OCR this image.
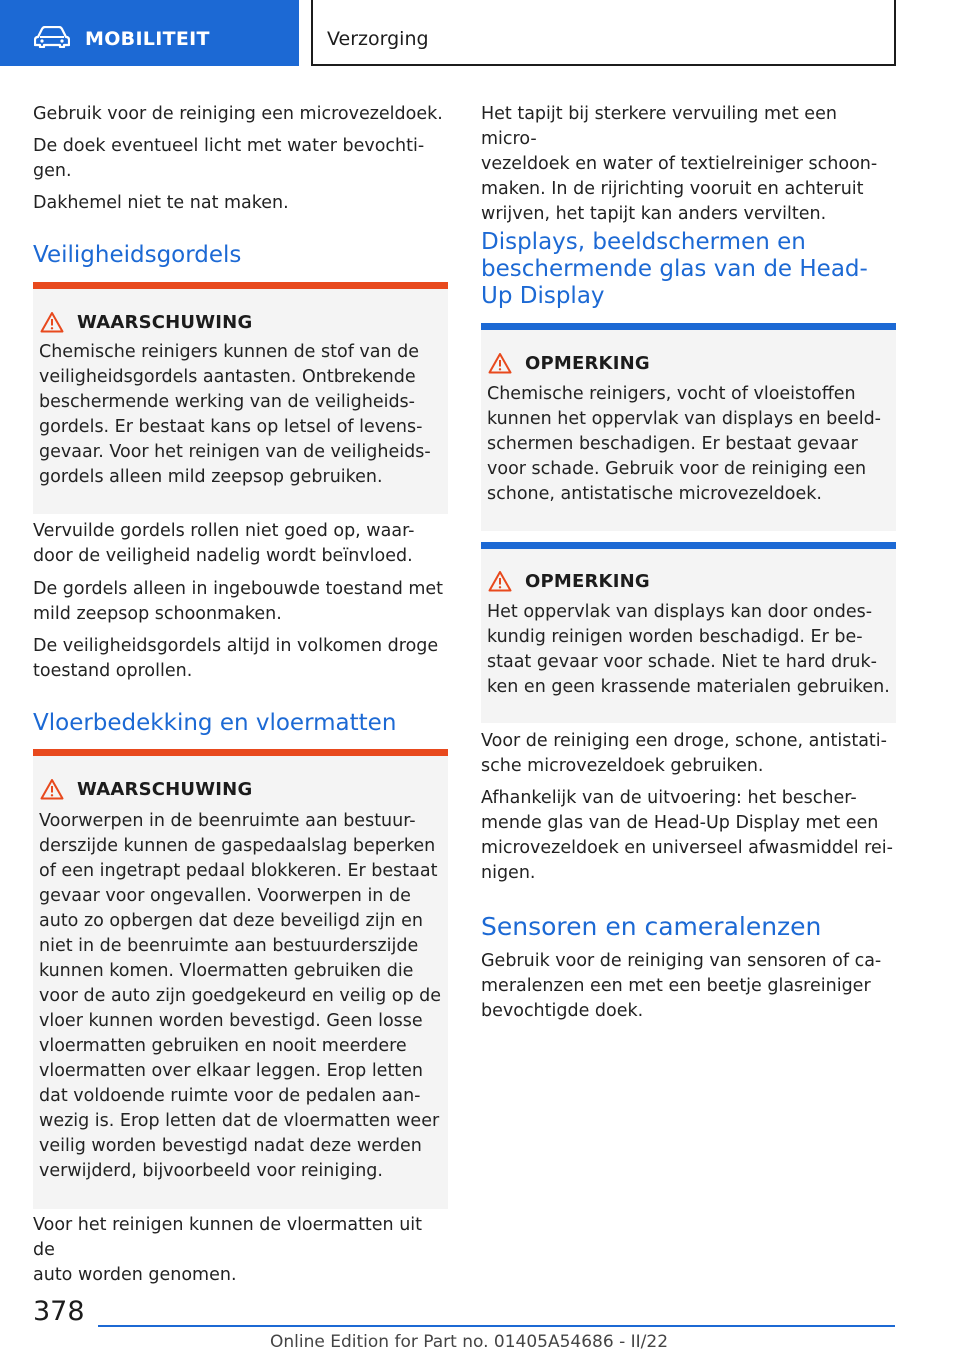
MOBILITEIT	Verzorging
Gebruik voor de reiniging een microvezeldoek.
De doek eventueel licht met water bevochti-
gen.
Dakhemel niet te nat maken.
Veiligheidsgordels
WAARSCHUWING
Chemische reinigers kunnen de stof van de
veiligheidsgordels aantasten. Ontbrekende
beschermende werking van de veiligheids-
gordels. Er bestaat kans op letsel of levens-
gevaar. Voor het reinigen van de veiligheids-
gordels alleen mild zeepsop gebruiken.
Vervuilde gordels rollen niet goed op, waar-
door de veiligheid nadelig wordt beïnvloed.
De gordels alleen in ingebouwde toestand met
mild zeepsop schoonmaken.
De veiligheidsgordels altijd in volkomen droge
toestand oprollen.
Vloerbedekking en vloermatten
WAARSCHUWING
Voorwerpen in de beenruimte aan bestuur-
derszijde kunnen de gaspedaalslag beperken
of een ingetrapt pedaal blokkeren. Er bestaat
gevaar voor ongevallen. Voorwerpen in de
auto zo opbergen dat deze beveiligd zijn en
niet in de beenruimte aan bestuurderszijde
kunnen komen. Vloermatten gebruiken die
voor de auto zijn goedgekeurd en veilig op de
vloer kunnen worden bevestigd. Geen losse
vloermatten gebruiken en nooit meerdere
vloermatten over elkaar leggen. Erop letten
dat voldoende ruimte voor de pedalen aan-
wezig is. Erop letten dat de vloermatten weer
veilig worden bevestigd nadat deze werden
verwijderd, bijvoorbeeld voor reiniging.
Voor het reinigen kunnen de vloermatten uit de
auto worden genomen.
Het tapijt bij sterkere vervuiling met een micro-
vezeldoek en water of textielreiniger schoon-
maken. In de rijrichting vooruit en achteruit
wrijven, het tapijt kan anders vervilten.
Displays, beeldschermen en
beschermende glas van de Head-
Up Display
OPMERKING
Chemische reinigers, vocht of vloeistoffen
kunnen het oppervlak van displays en beeld-
schermen beschadigen. Er bestaat gevaar
voor schade. Gebruik voor de reiniging een
schone, antistatische microvezeldoek.
OPMERKING
Het oppervlak van displays kan door ondes-
kundig reinigen worden beschadigd. Er be-
staat gevaar voor schade. Niet te hard druk-
ken en geen krassende materialen gebruiken.
Voor de reiniging een droge, schone, antistati-
sche microvezeldoek gebruiken.
Afhankelijk van de uitvoering: het bescher-
mende glas van de Head-Up Display met een
microvezeldoek en universeel afwasmiddel rei-
nigen.
Sensoren en cameralenzen
Gebruik voor de reiniging van sensoren of ca-
meralenzen een met een beetje glasreiniger
bevochtigde doek.
378
Online Edition for Part no. 01405A54686 - II/22
